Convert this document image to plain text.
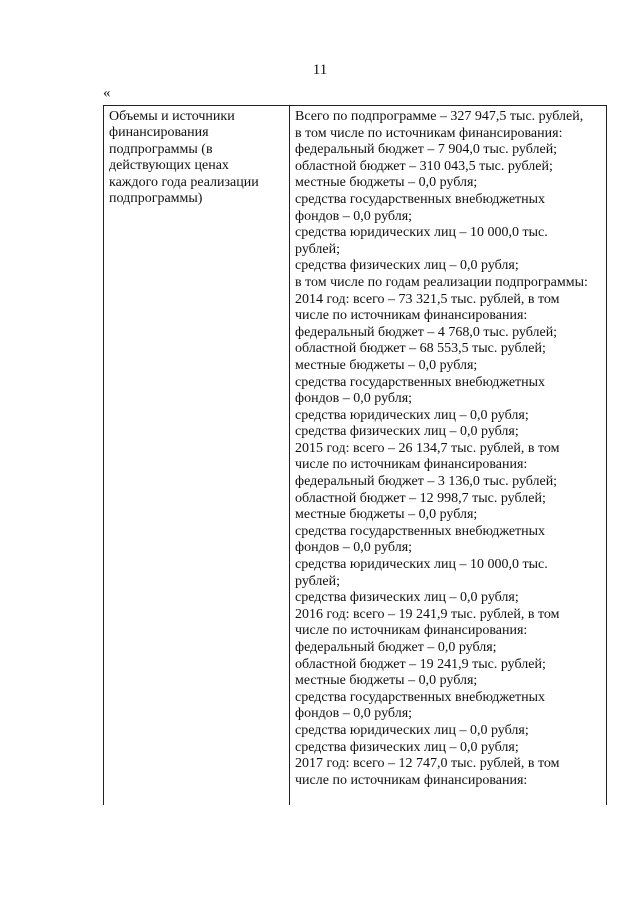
11
«
Объемы и источники
финансирования
подпрограммы (в
действующих ценах
каждого года реализации
подпрограммы)
Всего по подпрограмме – 327 947,5 тыс. рублей,
в том числе по источникам финансирования:
федеральный бюджет – 7 904,0 тыс. рублей;
областной бюджет – 310 043,5 тыс. рублей;
местные бюджеты – 0,0 рубля;
средства государственных внебюджетных
фондов – 0,0 рубля;
средства юридических лиц – 10 000,0 тыс.
рублей;
средства физических лиц – 0,0 рубля;
в том числе по годам реализации подпрограммы:
2014 год: всего – 73 321,5 тыс. рублей, в том
числе по источникам финансирования:
федеральный бюджет – 4 768,0 тыс. рублей;
областной бюджет – 68 553,5 тыс. рублей;
местные бюджеты – 0,0 рубля;
средства государственных внебюджетных
фондов – 0,0 рубля;
средства юридических лиц – 0,0 рубля;
средства физических лиц – 0,0 рубля;
2015 год: всего – 26 134,7 тыс. рублей, в том
числе по источникам финансирования:
федеральный бюджет – 3 136,0 тыс. рублей;
областной бюджет – 12 998,7 тыс. рублей;
местные бюджеты – 0,0 рубля;
средства государственных внебюджетных
фондов – 0,0 рубля;
средства юридических лиц – 10 000,0 тыс.
рублей;
средства физических лиц – 0,0 рубля;
2016 год: всего – 19 241,9 тыс. рублей, в том
числе по источникам финансирования:
федеральный бюджет – 0,0 рубля;
областной бюджет – 19 241,9 тыс. рублей;
местные бюджеты – 0,0 рубля;
средства государственных внебюджетных
фондов – 0,0 рубля;
средства юридических лиц – 0,0 рубля;
средства физических лиц – 0,0 рубля;
2017 год: всего – 12 747,0 тыс. рублей, в том
числе по источникам финансирования:
